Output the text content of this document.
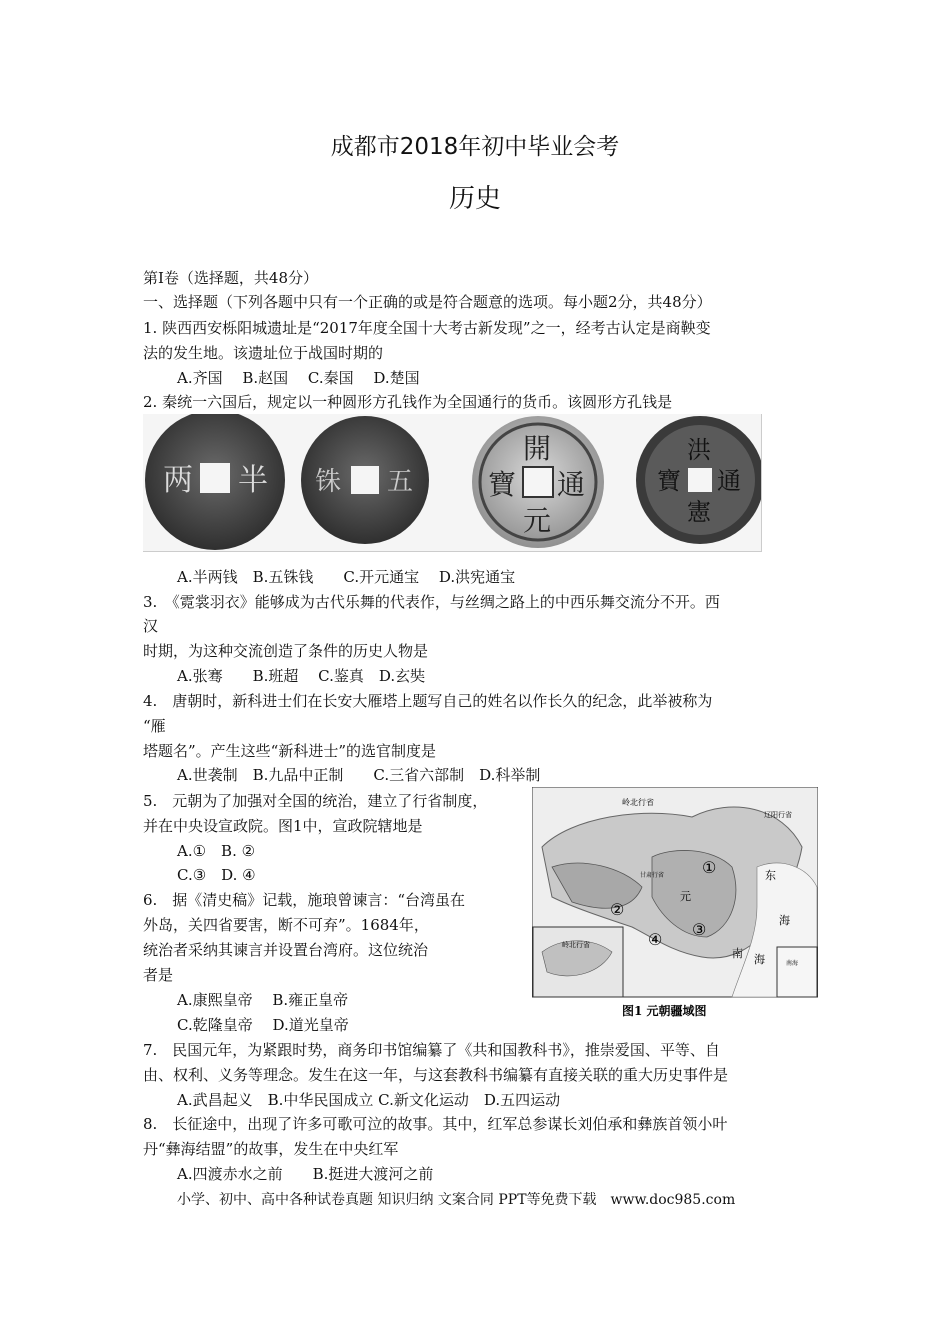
成都市2018年初中毕业会考
历史
第I卷（选择题，共48分）
一、选择题（下列各题中只有一个正确的或是符合题意的选项。每小题2分，共48分）
1. 陕西西安栎阳城遗址是“2017年度全国十大考古新发现”之一，经考古认定是商鞅变
法的发生地。该遗址位于战国时期的
A.齐国　 B.赵国　 C.秦国　 D.楚国
2. 秦统一六国后，规定以一种圆形方孔钱作为全国通行的货币。该圆形方孔钱是
两 半 铢 五
開
通
元
寶
洪
通
憲
寶
A.半两钱　B.五铢钱　　C.开元通宝　 D.洪宪通宝
3.　《霓裳羽衣》能够成为古代乐舞的代表作，与丝绸之路上的中西乐舞交流分不开。西
汉
时期，为这种交流创造了条件的历史人物是
A.张骞　　B.班超　 C.鉴真　D.玄奘
4.　唐朝时，新科进士们在长安大雁塔上题写自己的姓名以作长久的纪念，此举被称为
“雁
塔题名”。产生这些“新科进士”的选官制度是
A.世袭制　B.九品中正制　　C.三省六部制　D.科举制
5.　元朝为了加强对全国的统治，建立了行省制度，
并在中央设宣政院。图1中，宣政院辖地是
A.①　B. ②
C.③　D. ④
6.　据《清史稿》记载，施琅曾谏言：“台湾虽在
外岛，关四省要害，断不可弃”。1684年，
统治者采纳其谏言并设置台湾府。这位统治
者是
A.康熙皇帝　 B.雍正皇帝
C.乾隆皇帝　 D.道光皇帝
岭北行省
辽阳行省
甘肃行省
岭北行省
元
东
海
南 海	南海
①
②
③
④
图1 元朝疆域图
7.　民国元年，为紧跟时势，商务印书馆编纂了《共和国教科书》，推崇爱国、平等、自
由、权利、义务等理念。发生在这一年，与这套教科书编纂有直接关联的重大历史事件是
A.武昌起义　B.中华民国成立 C.新文化运动　D.五四运动
8.　长征途中，出现了许多可歌可泣的故事。其中，红军总参谋长刘伯承和彝族首领小叶
丹“彝海结盟”的故事，发生在中央红军
A.四渡赤水之前　　B.挺进大渡河之前
小学、初中、高中各种试卷真题 知识归纳 文案合同 PPT等免费下载　www.doc985.com
